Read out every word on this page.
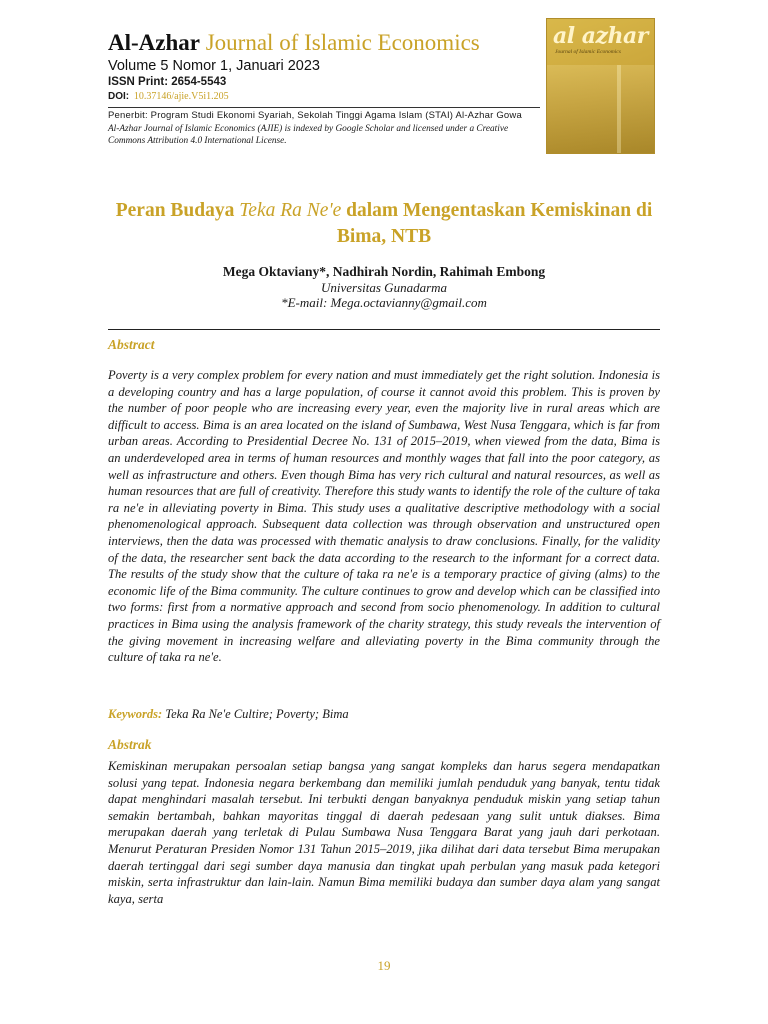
Al-Azhar Journal of Islamic Economics
Volume 5 Nomor 1, Januari 2023
ISSN Print: 2654-5543
DOI: 10.37146/ajie.V5i1.205
Penerbit: Program Studi Ekonomi Syariah, Sekolah Tinggi Agama Islam (STAI) Al-Azhar Gowa
Al-Azhar Journal of Islamic Economics (AJIE) is indexed by Google Scholar and licensed under a Creative Commons Attribution 4.0 International License.
al azhar
Journal of Islamic Economics
Peran Budaya Teka Ra Ne'e dalam Mengentaskan Kemiskinan di Bima, NTB
Mega Oktaviany*, Nadhirah Nordin, Rahimah Embong
Universitas Gunadarma
*E-mail: Mega.octavianny@gmail.com
Abstract
Poverty is a very complex problem for every nation and must immediately get the right solution. Indonesia is a developing country and has a large population, of course it cannot avoid this problem. This is proven by the number of poor people who are increasing every year, even the majority live in rural areas which are difficult to access. Bima is an area located on the island of Sumbawa, West Nusa Tenggara, which is far from urban areas. According to Presidential Decree No. 131 of 2015–2019, when viewed from the data, Bima is an underdeveloped area in terms of human resources and monthly wages that fall into the poor category, as well as infrastructure and others. Even though Bima has very rich cultural and natural resources, as well as human resources that are full of creativity. Therefore this study wants to identify the role of the culture of taka ra ne'e in alleviating poverty in Bima. This study uses a qualitative descriptive methodology with a social phenomenological approach. Subsequent data collection was through observation and unstructured open interviews, then the data was processed with thematic analysis to draw conclusions. Finally, for the validity of the data, the researcher sent back the data according to the research to the informant for a correct data. The results of the study show that the culture of taka ra ne'e is a temporary practice of giving (alms) to the economic life of the Bima community. The culture continues to grow and develop which can be classified into two forms: first from a normative approach and second from socio phenomenology. In addition to cultural practices in Bima using the analysis framework of the charity strategy, this study reveals the intervention of the giving movement in increasing welfare and alleviating poverty in the Bima community through the culture of taka ra ne'e.
Keywords: Teka Ra Ne'e Cultire; Poverty; Bima
Abstrak
Kemiskinan merupakan persoalan setiap bangsa yang sangat kompleks dan harus segera mendapatkan solusi yang tepat. Indonesia negara berkembang dan memiliki jumlah penduduk yang banyak, tentu tidak dapat menghindari masalah tersebut. Ini terbukti dengan banyaknya penduduk miskin yang setiap tahun semakin bertambah, bahkan mayoritas tinggal di daerah pedesaan yang sulit untuk diakses. Bima merupakan daerah yang terletak di Pulau Sumbawa Nusa Tenggara Barat yang jauh dari perkotaan. Menurut Peraturan Presiden Nomor 131 Tahun 2015–2019, jika dilihat dari data tersebut Bima merupakan daerah tertinggal dari segi sumber daya manusia dan tingkat upah perbulan yang masuk pada ketegori miskin, serta infrastruktur dan lain-lain. Namun Bima memiliki budaya dan sumber daya alam yang sangat kaya, serta
19
